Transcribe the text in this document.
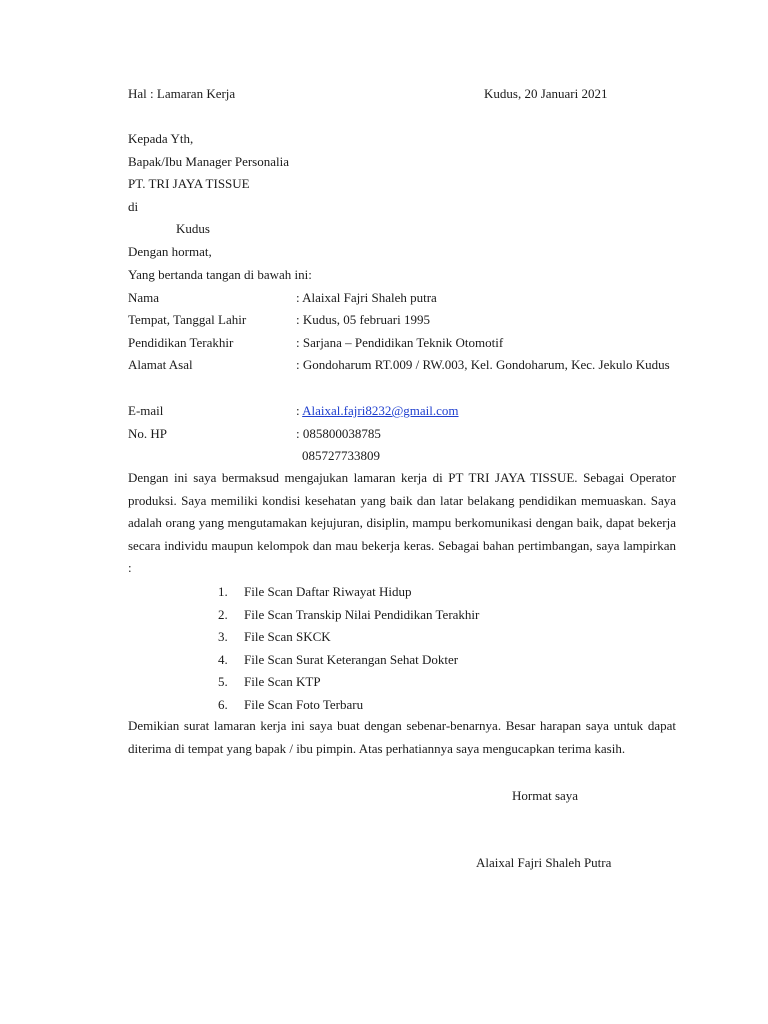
Hal : Lamaran Kerja	Kudus, 20 Januari 2021
Kepada Yth,
Bapak/Ibu Manager Personalia
PT. TRI JAYA TISSUE
di
Kudus
Dengan hormat,
Yang bertanda tangan di bawah ini:
Nama	: Alaixal Fajri Shaleh putra
Tempat, Tanggal Lahir	: Kudus, 05 februari 1995
Pendidikan Terakhir	: Sarjana – Pendidikan Teknik Otomotif
Alamat Asal	: Gondoharum RT.009 / RW.003, Kel. Gondoharum, Kec. Jekulo Kudus
E-mail	: Alaixal.fajri8232@gmail.com
No. HP	: 085800038785
085727733809
Dengan ini saya bermaksud mengajukan lamaran kerja di PT TRI JAYA TISSUE. Sebagai Operator produksi. Saya memiliki kondisi kesehatan yang baik dan latar belakang pendidikan memuaskan. Saya adalah orang yang mengutamakan kejujuran, disiplin, mampu berkomunikasi dengan baik, dapat bekerja secara individu maupun kelompok dan mau bekerja keras. Sebagai bahan pertimbangan, saya lampirkan :
1. File Scan Daftar Riwayat Hidup
2. File Scan Transkip Nilai Pendidikan Terakhir
3. File Scan SKCK
4. File Scan Surat Keterangan Sehat Dokter
5. File Scan KTP
6. File Scan Foto Terbaru
Demikian surat lamaran kerja ini saya buat dengan sebenar-benarnya. Besar harapan saya untuk dapat diterima di tempat yang bapak / ibu pimpin. Atas perhatiannya saya mengucapkan terima kasih.
Hormat saya
Alaixal Fajri Shaleh Putra
